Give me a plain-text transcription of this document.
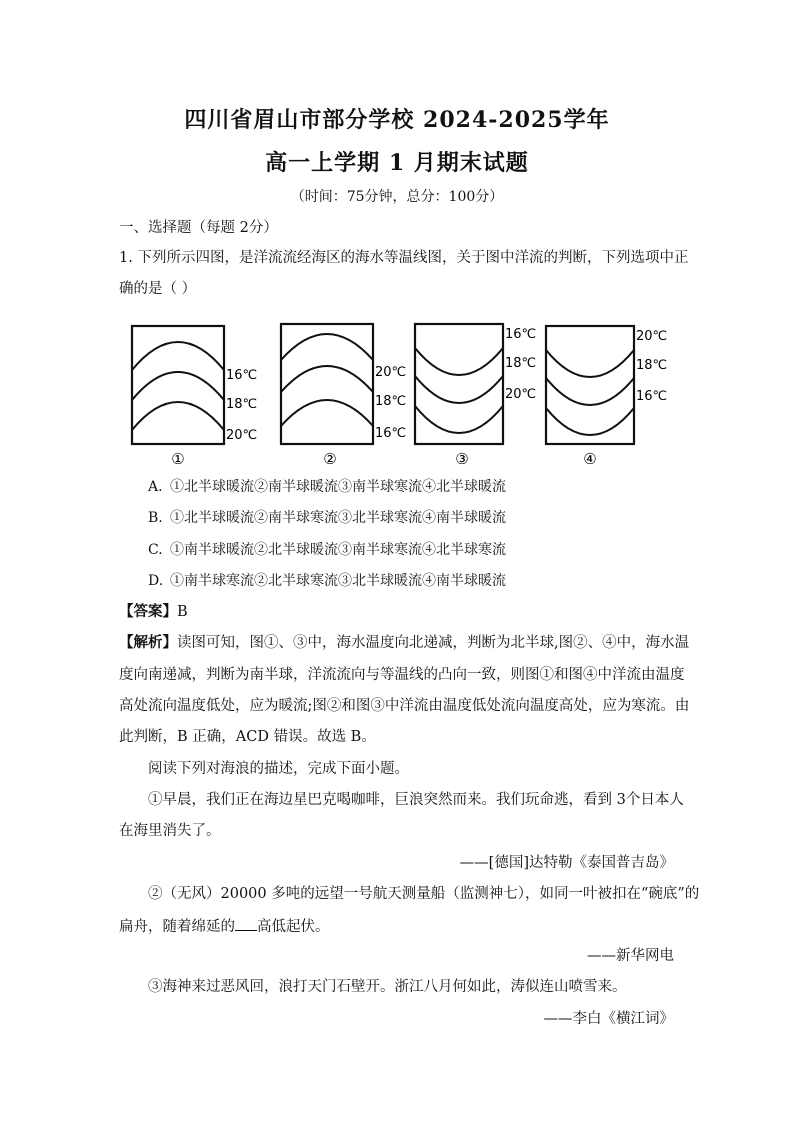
四川省眉山市部分学校 2024-2025学年
高一上学期 1 月期末试题
（时间：75分钟，总分：100分）
一、选择题（每题 2分）
1. 下列所示四图，是洋流流经海区的海水等温线图，关于图中洋流的判断，下列选项中正
确的是（ ）
16℃
18℃
20℃
①
20℃
18℃
16℃
②
16℃
18℃
20℃
③
20℃
18℃
16℃
④
A. ①北半球暖流②南半球暖流③南半球寒流④北半球暖流
B. ①北半球暖流②南半球寒流③北半球寒流④南半球暖流
C. ①南半球暖流②北半球暖流③南半球寒流④北半球寒流
D. ①南半球寒流②北半球寒流③北半球暖流④南半球暖流
【答案】B
【解析】读图可知，图①、③中，海水温度向北递减，判断为北半球,图②、④中，海水温
度向南递减，判断为南半球，洋流流向与等温线的凸向一致，则图①和图④中洋流由温度
高处流向温度低处，应为暖流;图②和图③中洋流由温度低处流向温度高处，应为寒流。由
此判断，B 正确，ACD 错误。故选 B。
阅读下列对海浪的描述，完成下面小题。
①早晨，我们正在海边星巴克喝咖啡，巨浪突然而来。我们玩命逃，看到 3个日本人
在海里消失了。
——[德国]达特勒《泰国普吉岛》
②（无风）20000 多吨的远望一号航天测量船（监测神七），如同一叶被扣在“碗底”的
扁舟，随着绵延的 高低起伏。
——新华网电
③海神来过恶风回，浪打天门石壁开。浙江八月何如此，涛似连山喷雪来。
——李白《横江词》
